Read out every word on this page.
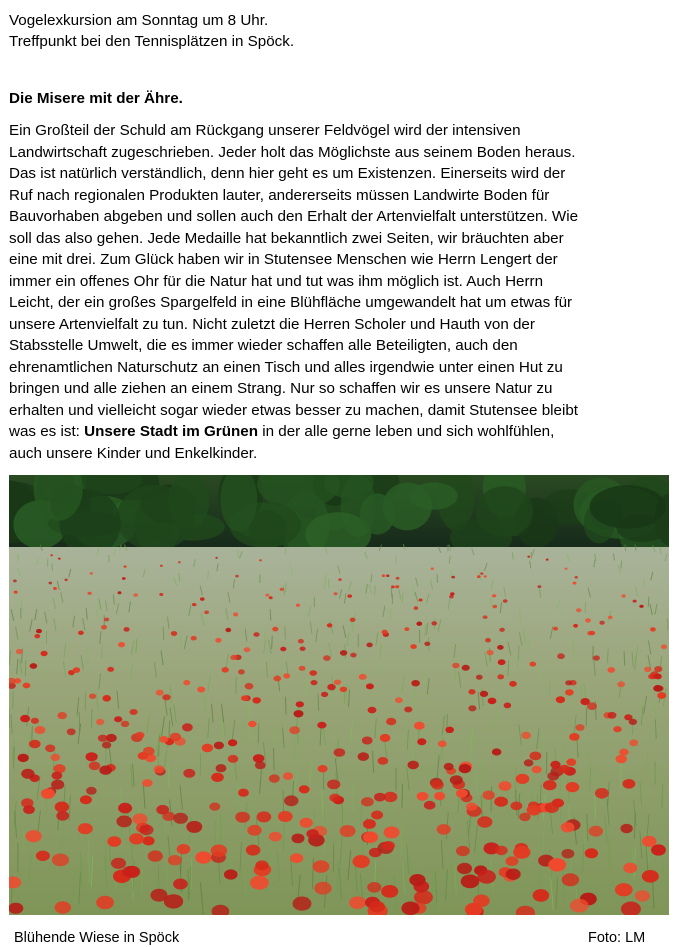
Vogelexkursion am Sonntag um 8 Uhr.

Treffpunkt bei den Tennisplätzen in Spöck.

Die Misere mit der Ähre.
Ein Großteil der Schuld am Rückgang unserer Feldvögel wird der intensiven
Landwirtschaft zugeschrieben. Jeder holt das Möglichste aus seinem Boden heraus.
Das ist natürlich verständlich, denn hier geht es um Existenzen. Einerseits wird der
Ruf nach regionalen Produkten lauter, andererseits müssen Landwirte Boden für
Bauvorhaben abgeben und sollen auch den Erhalt der Artenvielfalt unterstützen. Wie
soll das also gehen. Jede Medaille hat bekanntlich zwei Seiten, wir bräuchten aber
eine mit drei. Zum Glück haben wir in Stutensee Menschen wie Herrn Lengert der
immer ein offenes Ohr für die Natur hat und tut was ihm möglich ist. Auch Herrn
Leicht, der ein großes Spargelfeld in eine Blühfläche umgewandelt hat um etwas für
unsere Artenvielfalt zu tun. Nicht zuletzt die Herren Scholer und Hauth von der
Stabsstelle Umwelt, die es immer wieder schaffen alle Beteiligten, auch den
ehrenamtlichen Naturschutz an einen Tisch und alles irgendwie unter einen Hut zu
bringen und alle ziehen an einem Strang. Nur so schaffen wir es unsere Natur zu
erhalten und vielleicht sogar wieder etwas besser zu machen, damit Stutensee bleibt
was es ist: Unsere Stadt im Grünen in der alle gerne leben und sich wohlfühlen,
auch unsere Kinder und Enkelkinder.
Blühende Wiese in Spöck	Foto: LM
